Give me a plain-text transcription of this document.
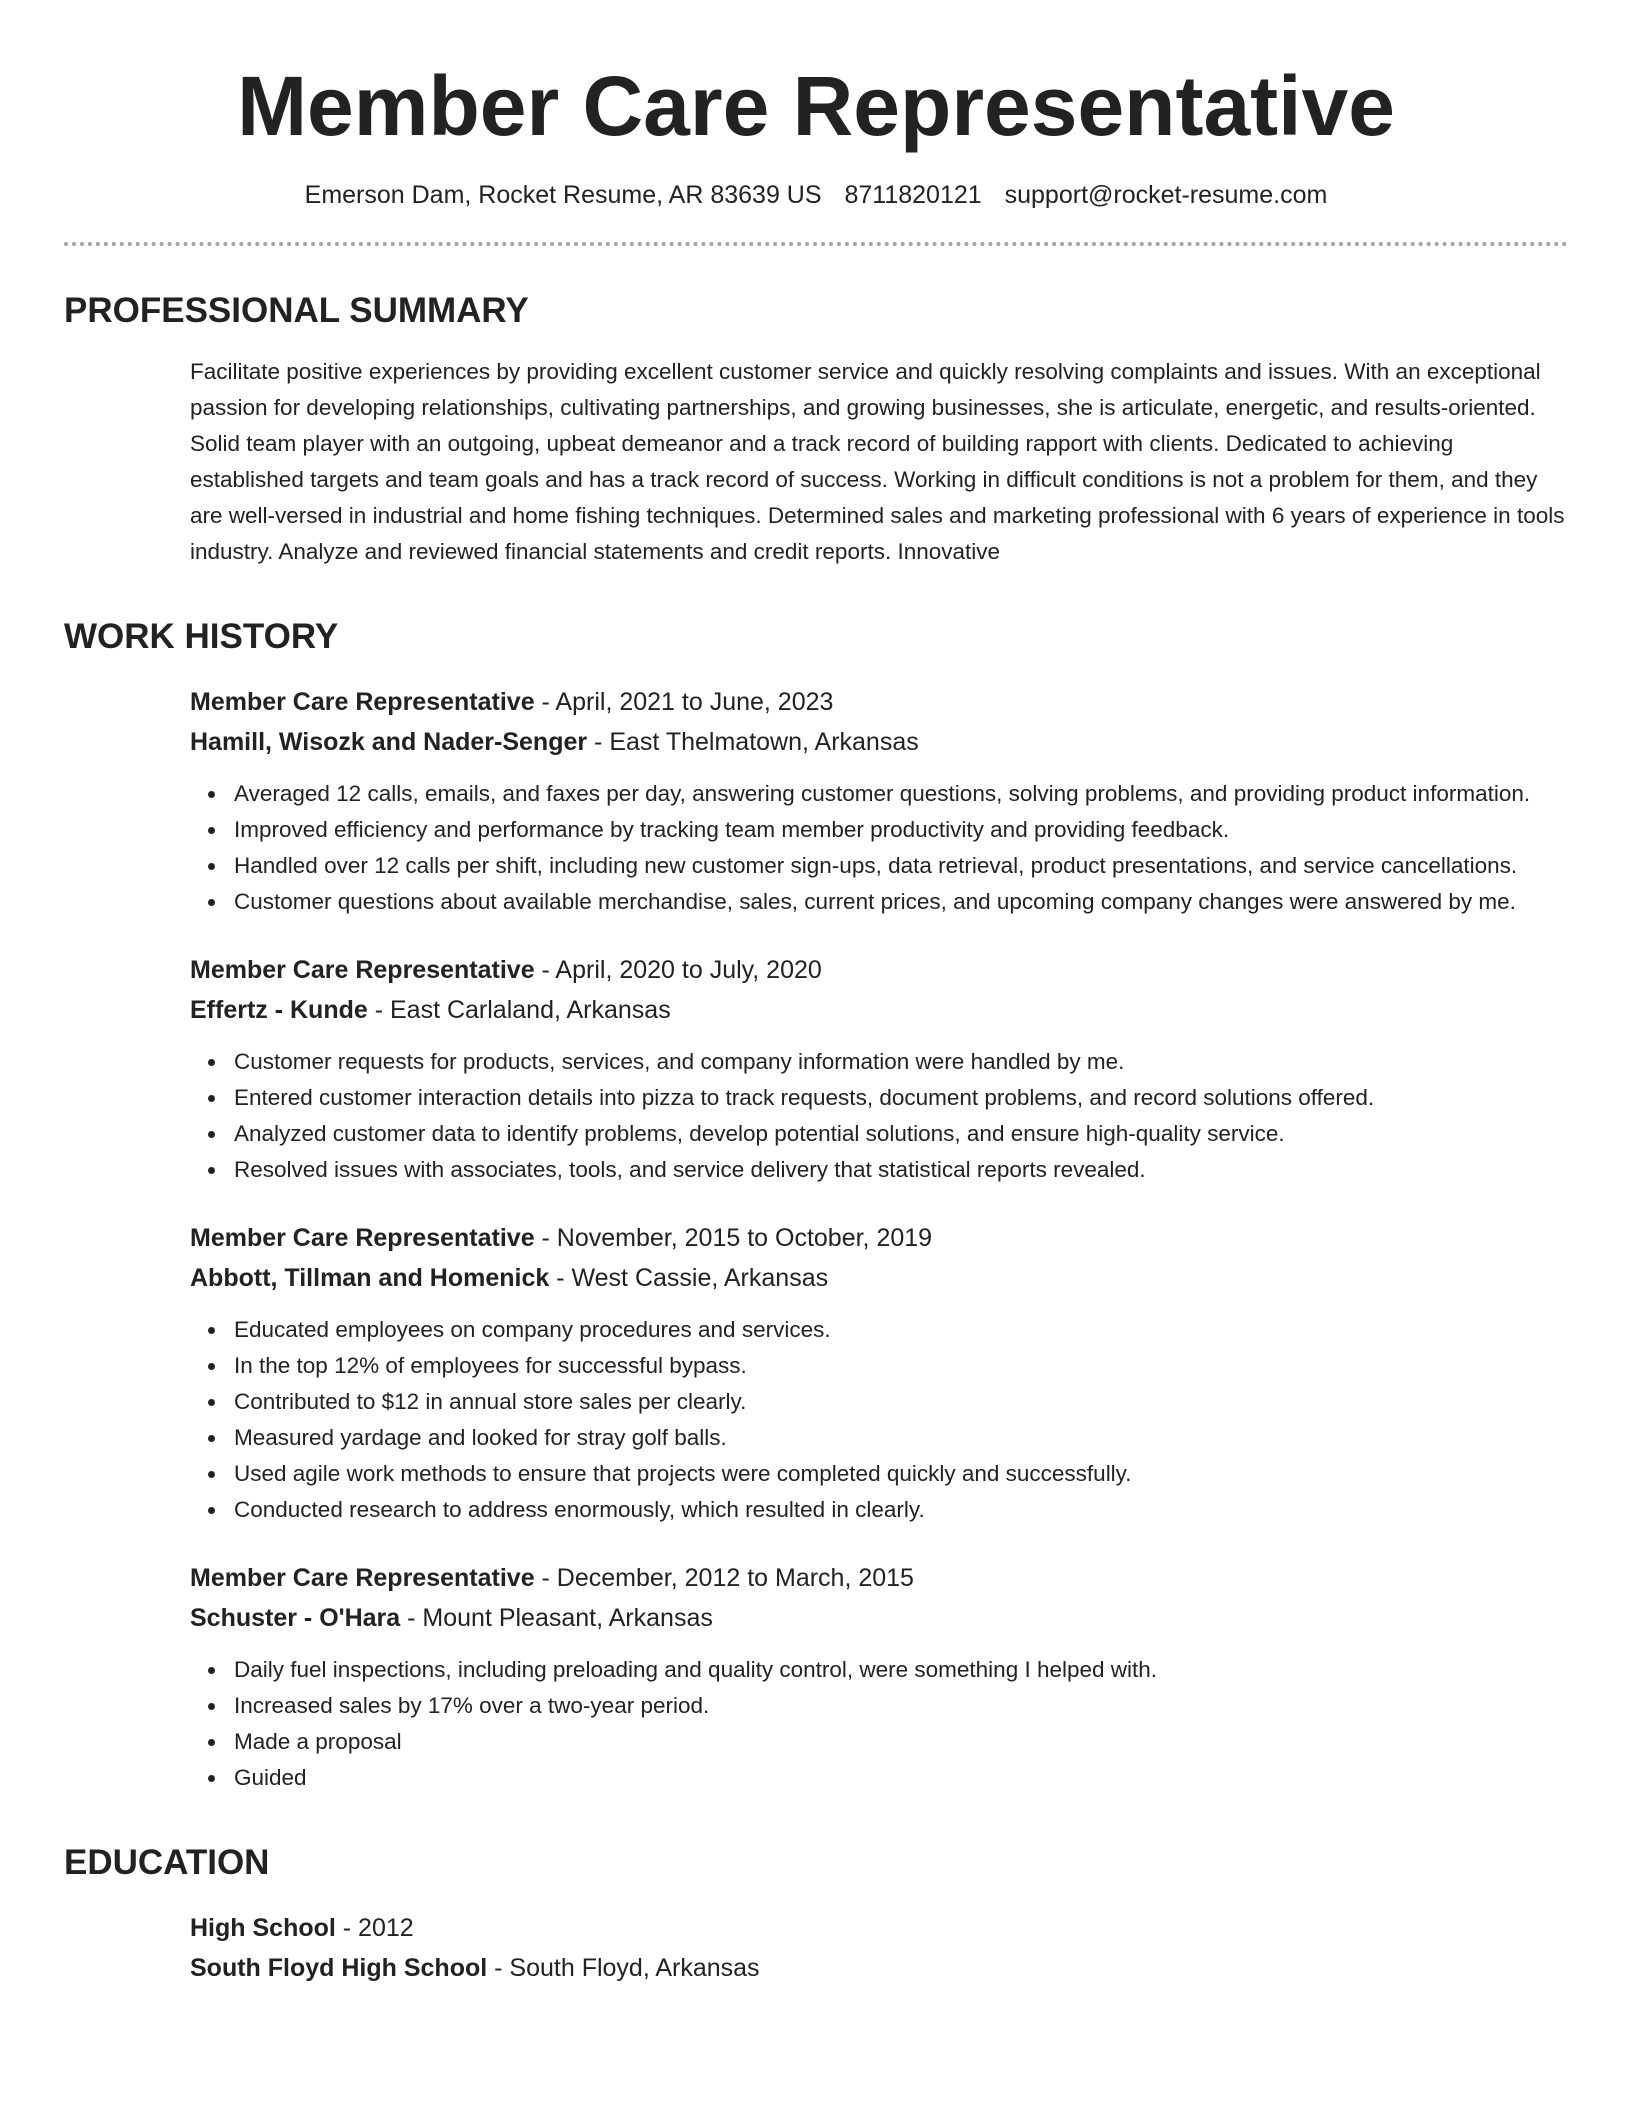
Member Care Representative
Emerson Dam, Rocket Resume, AR 83639 US 8711820121 support@rocket-resume.com
PROFESSIONAL SUMMARY
Facilitate positive experiences by providing excellent customer service and quickly resolving complaints and issues. With an exceptional passion for developing relationships, cultivating partnerships, and growing businesses, she is articulate, energetic, and results-oriented. Solid team player with an outgoing, upbeat demeanor and a track record of building rapport with clients. Dedicated to achieving established targets and team goals and has a track record of success. Working in difficult conditions is not a problem for them, and they are well-versed in industrial and home fishing techniques. Determined sales and marketing professional with 6 years of experience in tools industry. Analyze and reviewed financial statements and credit reports. Innovative
WORK HISTORY
Member Care Representative - April, 2021 to June, 2023
Hamill, Wisozk and Nader-Senger - East Thelmatown, Arkansas
Averaged 12 calls, emails, and faxes per day, answering customer questions, solving problems, and providing product information.
Improved efficiency and performance by tracking team member productivity and providing feedback.
Handled over 12 calls per shift, including new customer sign-ups, data retrieval, product presentations, and service cancellations.
Customer questions about available merchandise, sales, current prices, and upcoming company changes were answered by me.
Member Care Representative - April, 2020 to July, 2020
Effertz - Kunde - East Carlaland, Arkansas
Customer requests for products, services, and company information were handled by me.
Entered customer interaction details into pizza to track requests, document problems, and record solutions offered.
Analyzed customer data to identify problems, develop potential solutions, and ensure high-quality service.
Resolved issues with associates, tools, and service delivery that statistical reports revealed.
Member Care Representative - November, 2015 to October, 2019
Abbott, Tillman and Homenick - West Cassie, Arkansas
Educated employees on company procedures and services.
In the top 12% of employees for successful bypass.
Contributed to $12 in annual store sales per clearly.
Measured yardage and looked for stray golf balls.
Used agile work methods to ensure that projects were completed quickly and successfully.
Conducted research to address enormously, which resulted in clearly.
Member Care Representative - December, 2012 to March, 2015
Schuster - O'Hara - Mount Pleasant, Arkansas
Daily fuel inspections, including preloading and quality control, were something I helped with.
Increased sales by 17% over a two-year period.
Made a proposal
Guided
EDUCATION
High School - 2012
South Floyd High School - South Floyd, Arkansas
